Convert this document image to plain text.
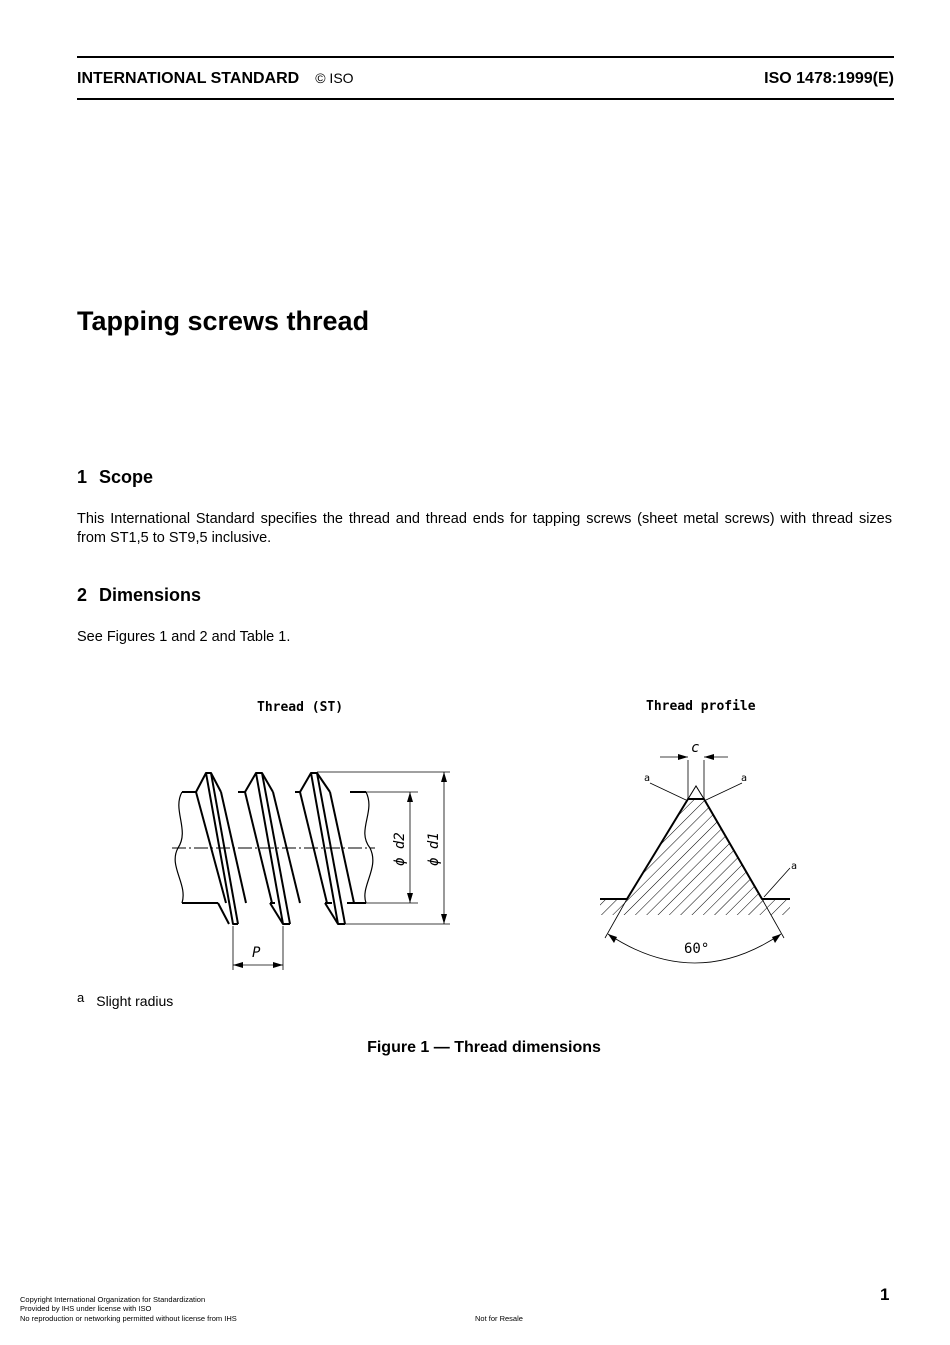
INTERNATIONAL STANDARD © ISO	ISO 1478:1999(E)
Tapping screws thread
1 Scope
This International Standard specifies the thread and thread ends for tapping screws (sheet metal screws) with thread sizes from ST1,5 to ST9,5 inclusive.
2 Dimensions
See Figures 1 and 2 and Table 1.
Thread (ST)	Thread profile
ϕ d2 ϕ d1
P
c
a	a
a
60°
a Slight radius
Figure 1 — Thread dimensions
Copyright International Organization for Standardization
Provided by IHS under license with ISO
No reproduction or networking permitted without license from IHS	Not for Resale
1
